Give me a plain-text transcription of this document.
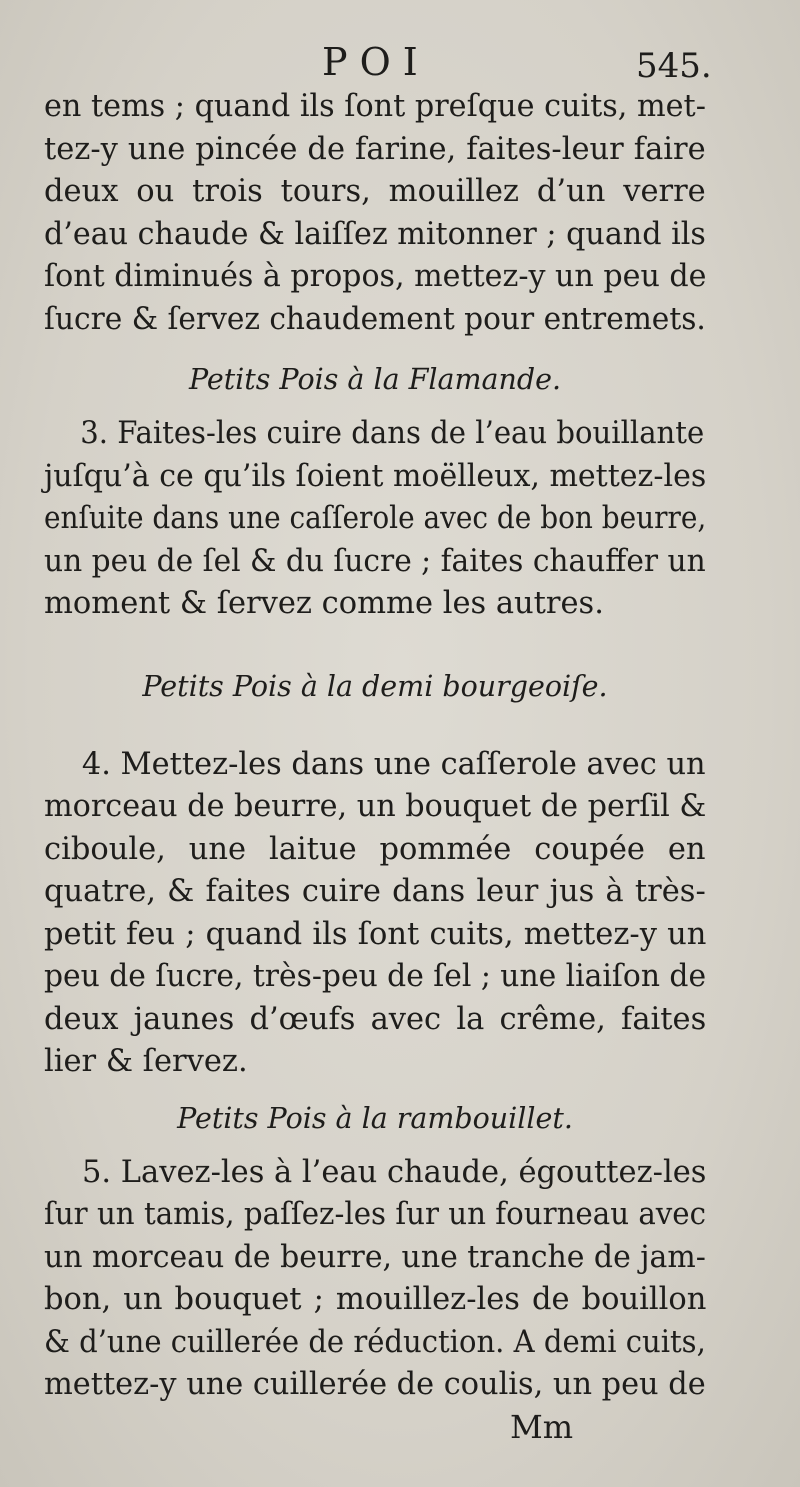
POI	545.
en tems ; quand ils ſont preſque cuits, met-
tez-y une pincée de farine, faites-leur faire
deux ou trois tours, mouillez d’un verre
d’eau chaude & laiſſez mitonner ; quand ils
ſont diminués à propos, mettez-y un peu de
ſucre & ſervez chaudement pour entremets.
Petits Pois à la Flamande.
3. Faites-les cuire dans de l’eau bouillante
juſqu’à ce qu’ils ſoient moëlleux, mettez-les
enſuite dans une caſſerole avec de bon beurre,
un peu de ſel & du ſucre ; faites chauffer un
moment & ſervez comme les autres.
Petits Pois à la demi bourgeoiſe.
4. Mettez-les dans une caſſerole avec un
morceau de beurre, un bouquet de perſil &
ciboule, une laitue pommée coupée en
quatre, & faites cuire dans leur jus à très-
petit feu ; quand ils ſont cuits, mettez-y un
peu de ſucre, très-peu de ſel ; une liaiſon de
deux jaunes d’œufs avec la crême, faites
lier & ſervez.
Petits Pois à la rambouillet.
5. Lavez-les à l’eau chaude, égouttez-les
ſur un tamis, paſſez-les ſur un fourneau avec
un morceau de beurre, une tranche de jam-
bon, un bouquet ; mouillez-les de bouillon
& d’une cuillerée de réduction. A demi cuits,
mettez-y une cuillerée de coulis, un peu de
Mm
